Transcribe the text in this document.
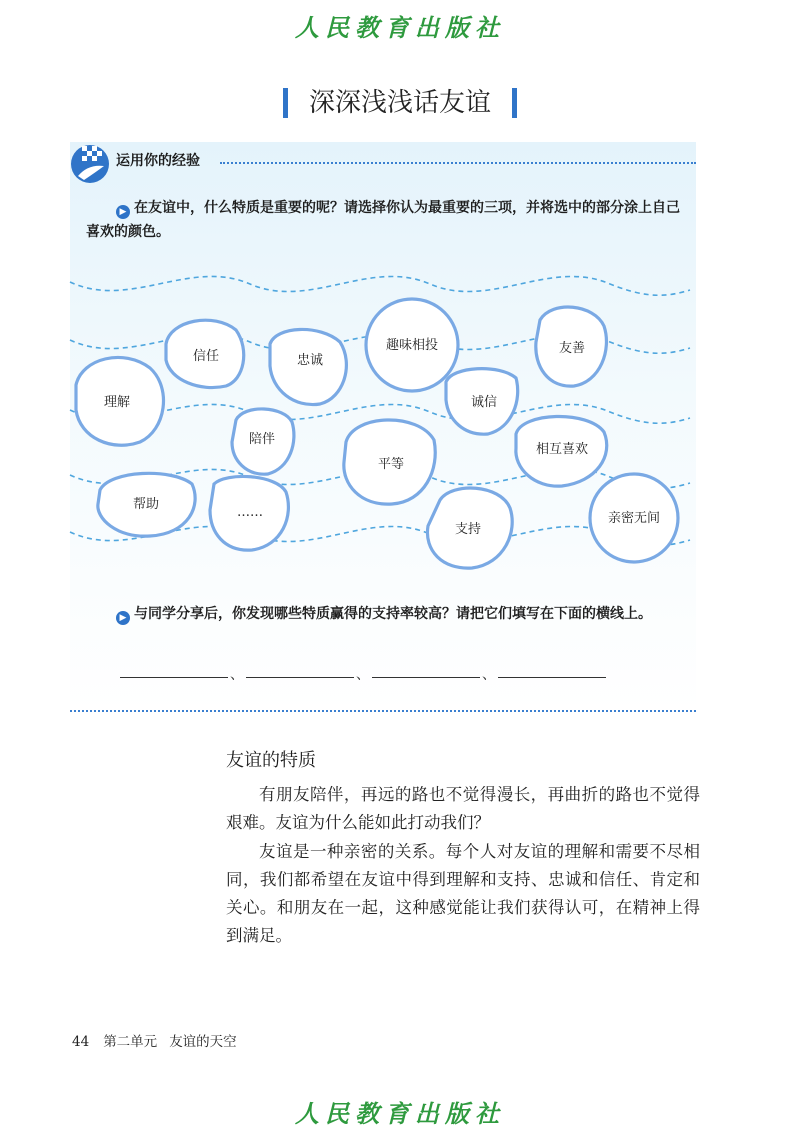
人民教育出版社
深深浅浅话友谊
运用你的经验
▶ 在友谊中，什么特质是重要的呢？请选择你认为最重要的三项，并将选中的部分涂上自己喜欢的颜色。
理解
信任	忠诚
趣味相投	友善
诚信
陪伴
平等
相互喜欢
帮助
……
支持
亲密无间
▶ 与同学分享后，你发现哪些特质赢得的支持率较高？请把它们填写在下面的横线上。
、	、	、
友谊的特质

有朋友陪伴，再远的路也不觉得漫长，再曲折的路也不觉得艰难。友谊为什么能如此打动我们？

友谊是一种亲密的关系。每个人对友谊的理解和需要不尽相同，我们都希望在友谊中得到理解和支持、忠诚和信任、肯定和关心。和朋友在一起，这种感觉能让我们获得认可，在精神上得到满足。

44 第二单元 友谊的天空
人民教育出版社
